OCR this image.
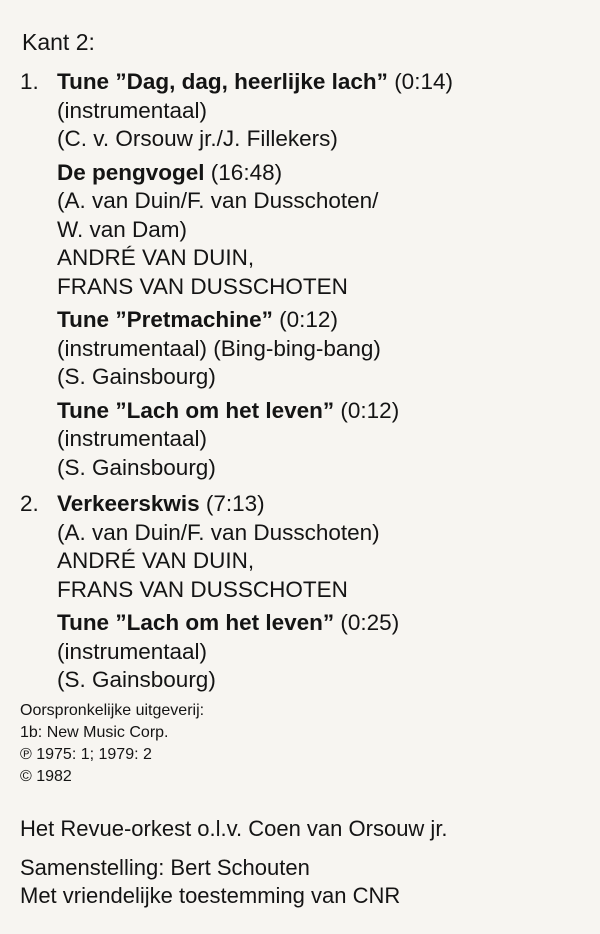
Kant 2:
1. Tune ”Dag, dag, heerlijke lach” (0:14)
(instrumentaal)
(C. v. Orsouw jr./J. Fillekers)
De pengvogel (16:48)
(A. van Duin/F. van Dusschoten/
W. van Dam)
ANDRÉ VAN DUIN,
FRANS VAN DUSSCHOTEN
Tune ”Pretmachine” (0:12)
(instrumentaal) (Bing-bing-bang)
(S. Gainsbourg)
Tune ”Lach om het leven” (0:12)
(instrumentaal)
(S. Gainsbourg)
2. Verkeerskwis (7:13)
(A. van Duin/F. van Dusschoten)
ANDRÉ VAN DUIN,
FRANS VAN DUSSCHOTEN
Tune ”Lach om het leven” (0:25)
(instrumentaal)
(S. Gainsbourg)
Oorspronkelijke uitgeverij:
1b: New Music Corp.
℗ 1975: 1; 1979: 2
© 1982
Het Revue-orkest o.l.v. Coen van Orsouw jr.
Samenstelling: Bert Schouten
Met vriendelijke toestemming van CNR
